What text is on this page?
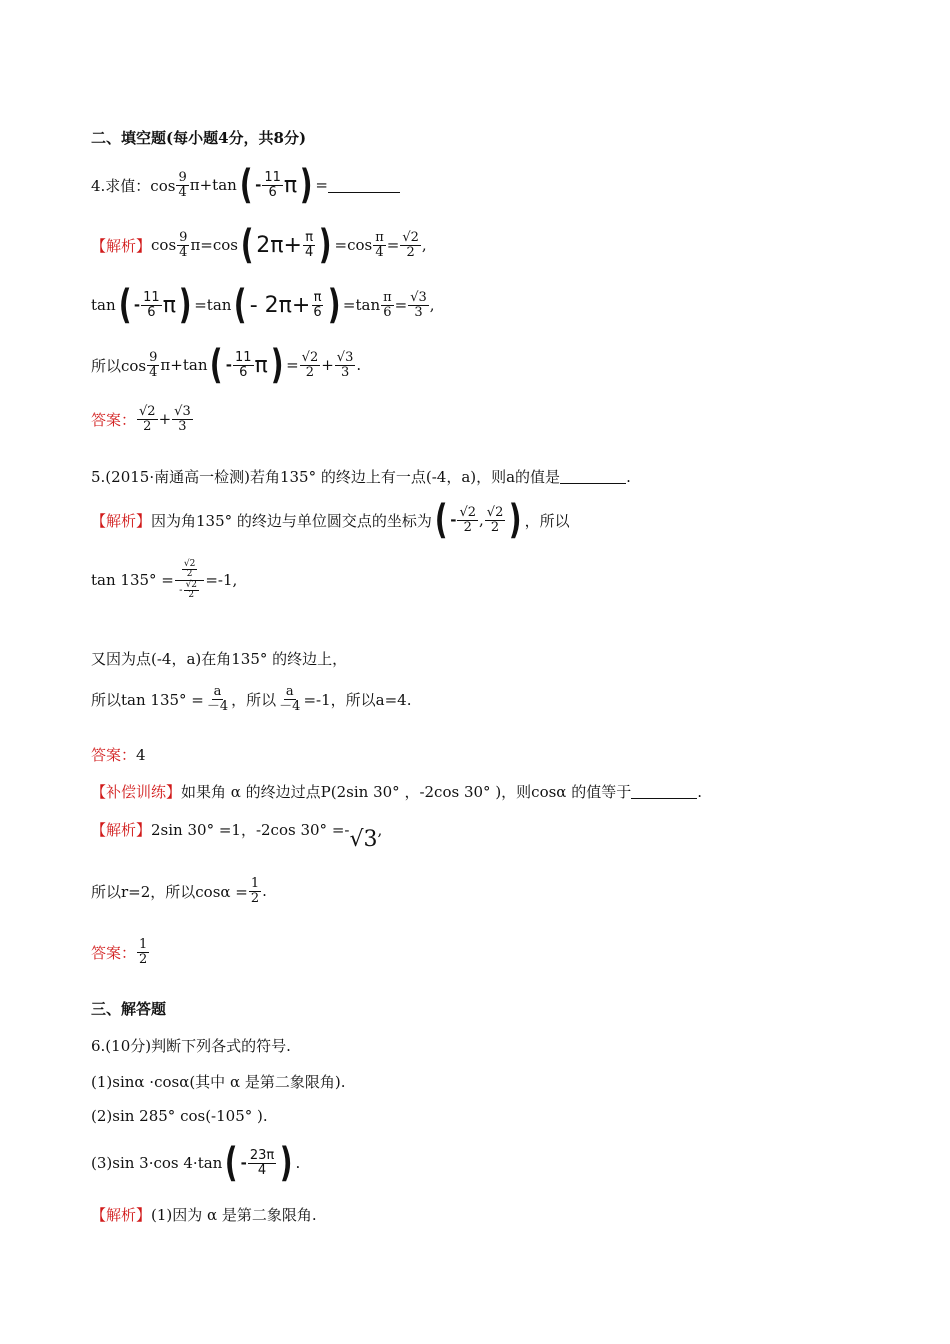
二、填空题(每小题4分，共8分)
4.求值：$\cos \frac{9}{4}$ π +tan ( - $\frac{11}{6}$ π ) =
【解析】 $\cos \frac{9}{4}$ π =cos ( $2\pi + \frac{\pi}{4}$ ) $=\cos \frac{\pi}{4} = \frac{√2}{2}$ ,
tan ( - $\frac{11}{6}$ π ) =tan ( - $2\pi + \frac{\pi}{6}$ ) $=\tan \frac{\pi}{6} = \frac{√3}{3}$ ,
所以$\cos \frac{9}{4}$ π +tan ( - $\frac{11}{6}$ π ) = $\frac{√2}{2} + \frac{√3}{3}$ .
答案： $\frac{√2}{2} + \frac{√3}{3}$
5.(2015·南通高一检测)若角135° 的终边上有一点(-4，a)，则a的值是	.
【解析】 因为角135° 的终边与单位圆交点的坐标为 ( - $\frac{√2}{2}$ , $\frac{√2}{2}$ ) ，所以
$\tan 135^\circ = \frac{\frac{√2}{2}}{- \frac{√2}{2}} =-1$,
又因为点(-4，a)在角135° 的终边上，
所以$\tan 135^\circ = \frac{a}{-4}$ ，所以 $\frac{a}{-4} =-1$，所以a=4.
答案： 4
【补偿训练】 如果角 α 的终边过点P(2sin 30° ，-2cos 30° )，则cosα 的值等于	.
【解析】 2sin 30° =1，-2cos 30° =- √3 ,
所以r=2，所以$\cos\alpha = \frac{1}{2}$ .
答案： $\frac{1}{2}$
三、解答题
6.(10分)判断下列各式的符号.
(1)sinα ·cosα(其中 α 是第二象限角).
(2)sin 285° cos(-105° ).
(3)sin 3·cos 4·tan ( - $\frac{23\pi}{4}$ ) .
【解析】 (1)因为 α 是第二象限角.
